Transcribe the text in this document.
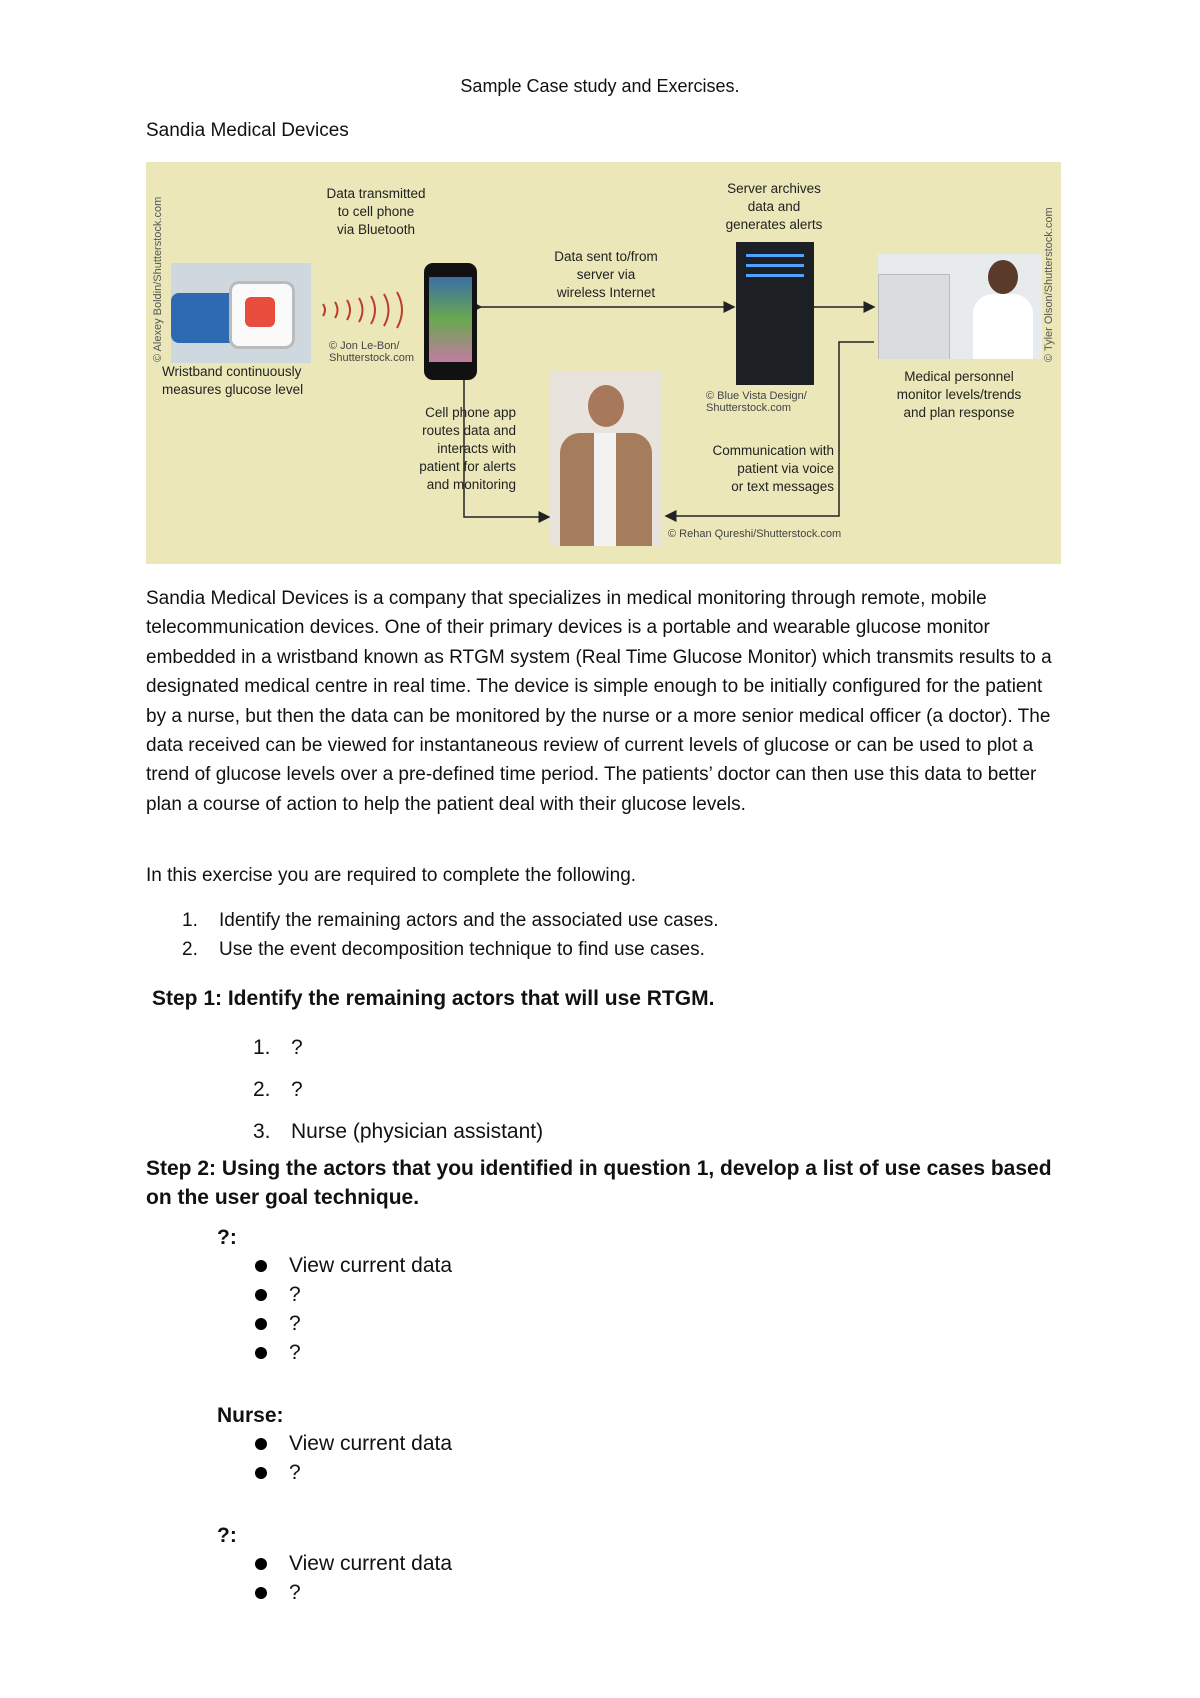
Sample Case study and Exercises.
Sandia Medical Devices
Data transmitted
to cell phone
via Bluetooth
Server archives
data and
generates alerts
Data sent to/from
server via
wireless Internet
Wristband continuously
measures glucose level
Cell phone app
routes data and
interacts with
patient for alerts
and monitoring
Medical personnel
monitor levels/trends
and plan response
Communication with
patient via voice
or text messages
© Jon Le-Bon/
Shutterstock.com
© Blue Vista Design/
Shutterstock.com
© Rehan Qureshi/Shutterstock.com
© Alexey Boldin/Shutterstock.com	© Tyler Olson/Shutterstock.com
Sandia Medical Devices is a company that specializes in medical monitoring through remote, mobile telecommunication devices. One of their primary devices is a portable and wearable glucose monitor embedded in a wristband known as RTGM system (Real Time Glucose Monitor) which transmits results to a designated medical centre in real time. The device is simple enough to be initially configured for the patient by a nurse, but then the data can be monitored by the nurse or a more senior medical officer (a doctor). The data received can be viewed for instantaneous review of current levels of glucose or can be used to plot a trend of glucose levels over a pre-defined time period. The patients’ doctor can then use this data to better plan a course of action to help the patient deal with their glucose levels.
In this exercise you are required to complete the following.
1. Identify the remaining actors and the associated use cases.
2. Use the event decomposition technique to find use cases.
Step 1: Identify the remaining actors that will use RTGM.
1. ?
2. ?
3. Nurse (physician assistant)
Step 2: Using the actors that you identified in question 1, develop a list of use cases based on the user goal technique.
?:
View current data
?
?
?
Nurse:
View current data
?
?:
View current data
?
